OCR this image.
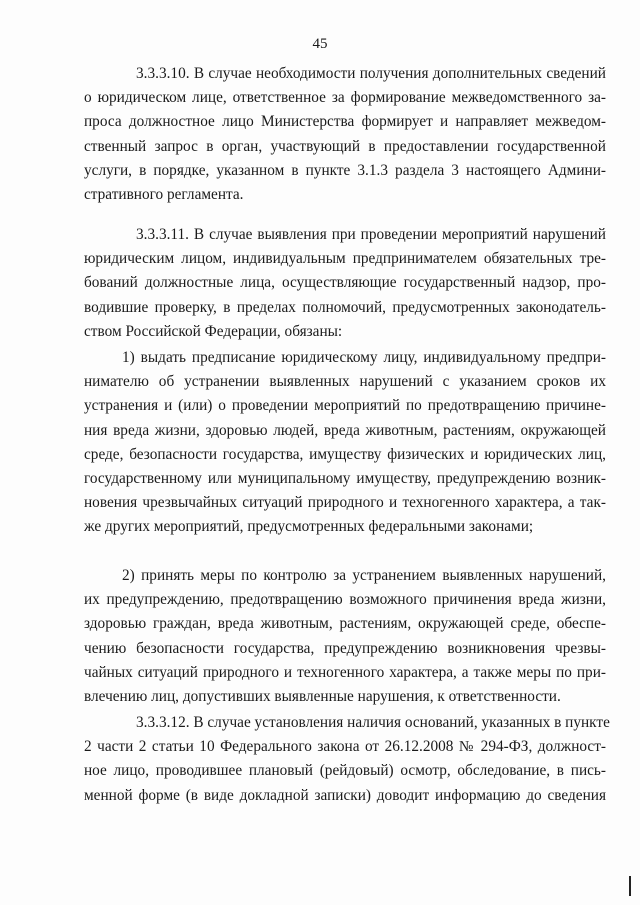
45
3.3.3.10. В случае необходимости получения дополнительных сведений
о юридическом лице, ответственное за формирование межведомственного за-
проса должностное лицо Министерства формирует и направляет межведом-
ственный запрос в орган, участвующий в предоставлении государственной
услуги, в порядке, указанном в пункте 3.1.3 раздела 3 настоящего Админи-
стративного регламента.
3.3.3.11. В случае выявления при проведении мероприятий нарушений
юридическим лицом, индивидуальным предпринимателем обязательных тре-
бований должностные лица, осуществляющие государственный надзор, про-
водившие проверку, в пределах полномочий, предусмотренных законодатель-
ством Российской Федерации, обязаны:
1) выдать предписание юридическому лицу, индивидуальному предпри-
нимателю об устранении выявленных нарушений с указанием сроков их
устранения и (или) о проведении мероприятий по предотвращению причине-
ния вреда жизни, здоровью людей, вреда животным, растениям, окружающей
среде, безопасности государства, имуществу физических и юридических лиц,
государственному или муниципальному имуществу, предупреждению возник-
новения чрезвычайных ситуаций природного и техногенного характера, а так-
же других мероприятий, предусмотренных федеральными законами;
2) принять меры по контролю за устранением выявленных нарушений,
их предупреждению, предотвращению возможного причинения вреда жизни,
здоровью граждан, вреда животным, растениям, окружающей среде, обеспе-
чению безопасности государства, предупреждению возникновения чрезвы-
чайных ситуаций природного и техногенного характера, а также меры по при-
влечению лиц, допустивших выявленные нарушения, к ответственности.
3.3.3.12. В случае установления наличия оснований, указанных в пункте
2 части 2 статьи 10 Федерального закона от 26.12.2008 № 294-ФЗ, должност-
ное лицо, проводившее плановый (рейдовый) осмотр, обследование, в пись-
менной форме (в виде докладной записки) доводит информацию до сведения
